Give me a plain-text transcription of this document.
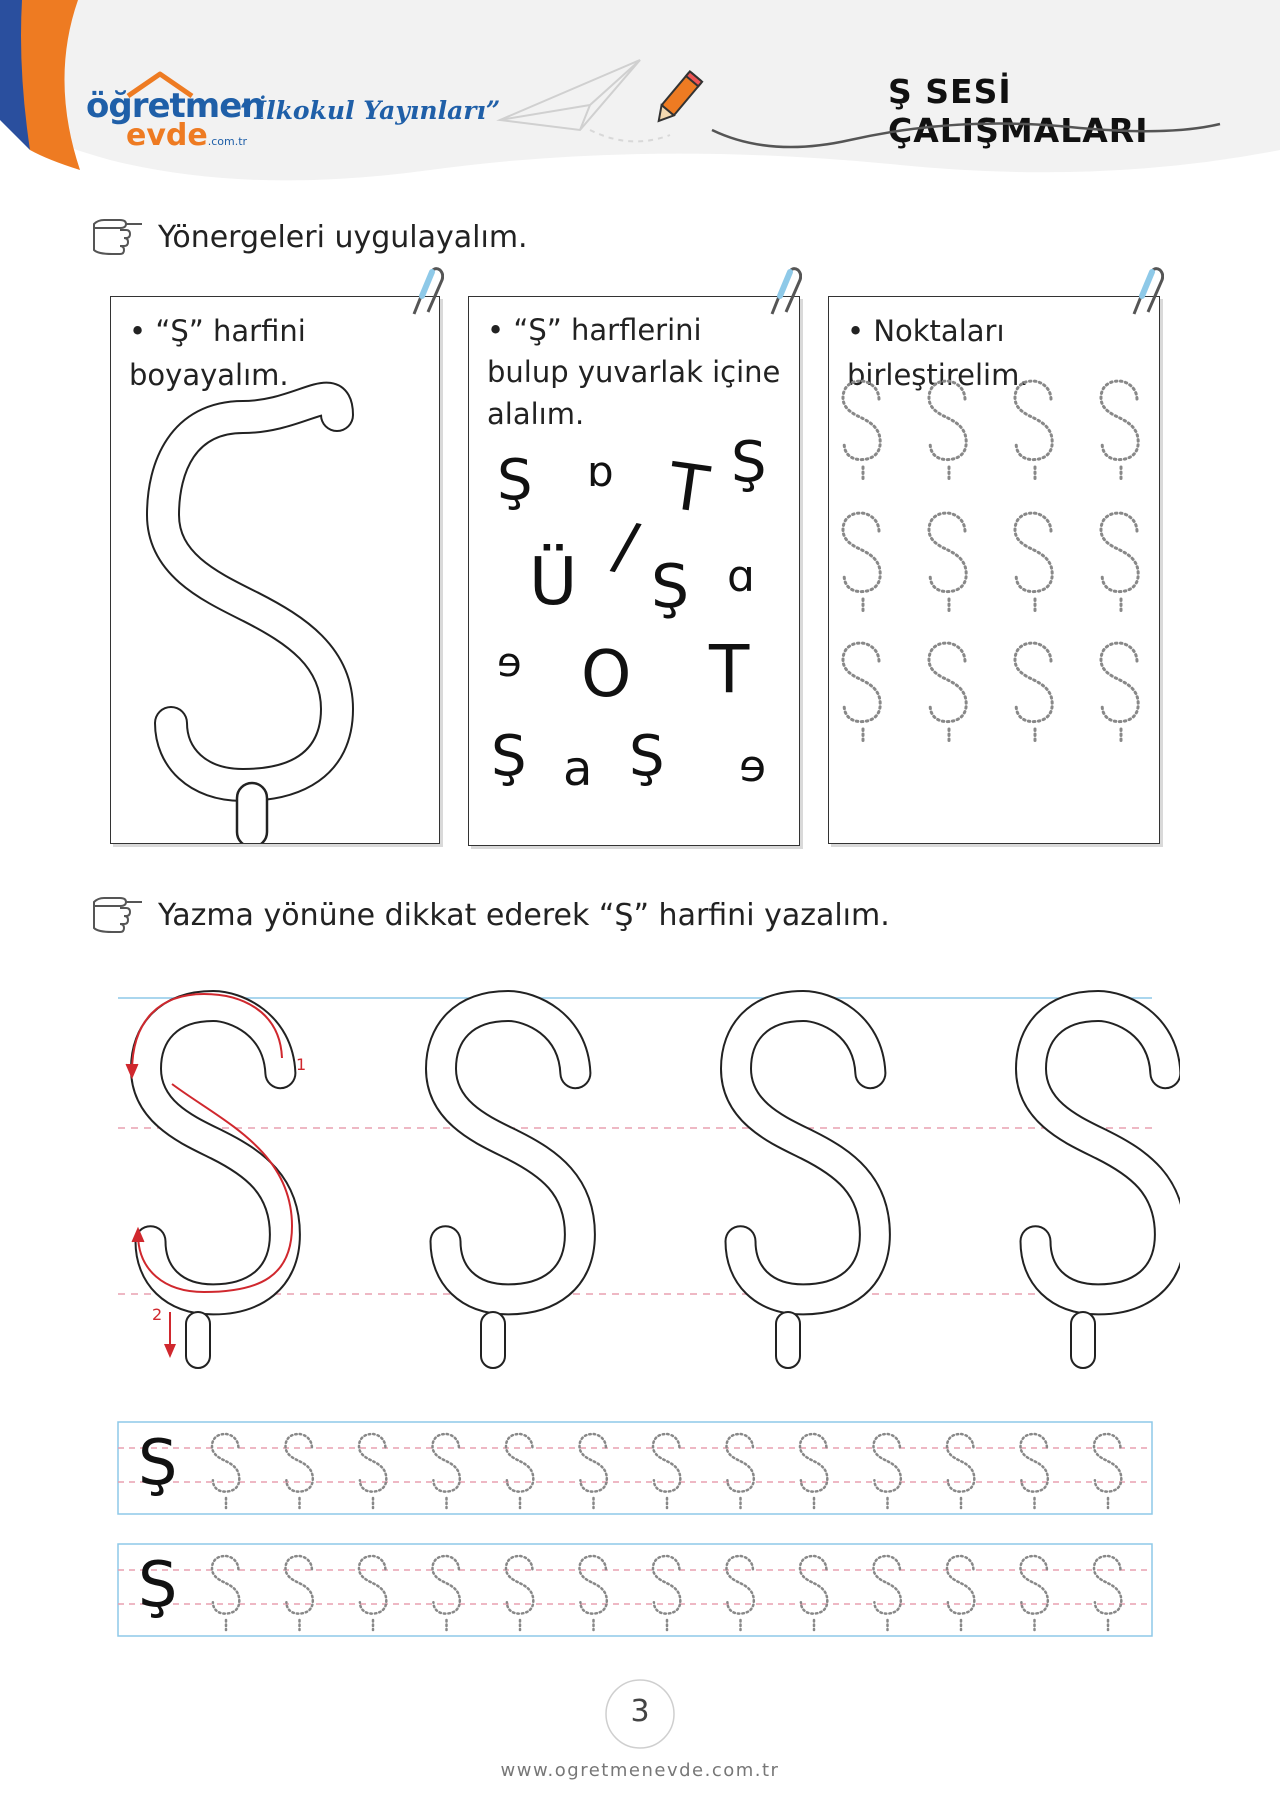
öğretmen
evde.com.tr
“İlkokul Yayınları”	Ş SESİ ÇALIŞMALARI
Yönergeleri uygulayalım.
• “Ş” harfini boyayalım.
• “Ş” harflerini bulup yuvarlak içine alalım.
Ş ɒ T Ş
/
Ü Ş ɑ
ɘ O T
Ş a Ş ɘ
• Noktaları birleştirelim.
Yazma yönüne dikkat ederek “Ş” harfini yazalım.
1
2
Ş
Ş
3
www.ogretmenevde.com.tr
